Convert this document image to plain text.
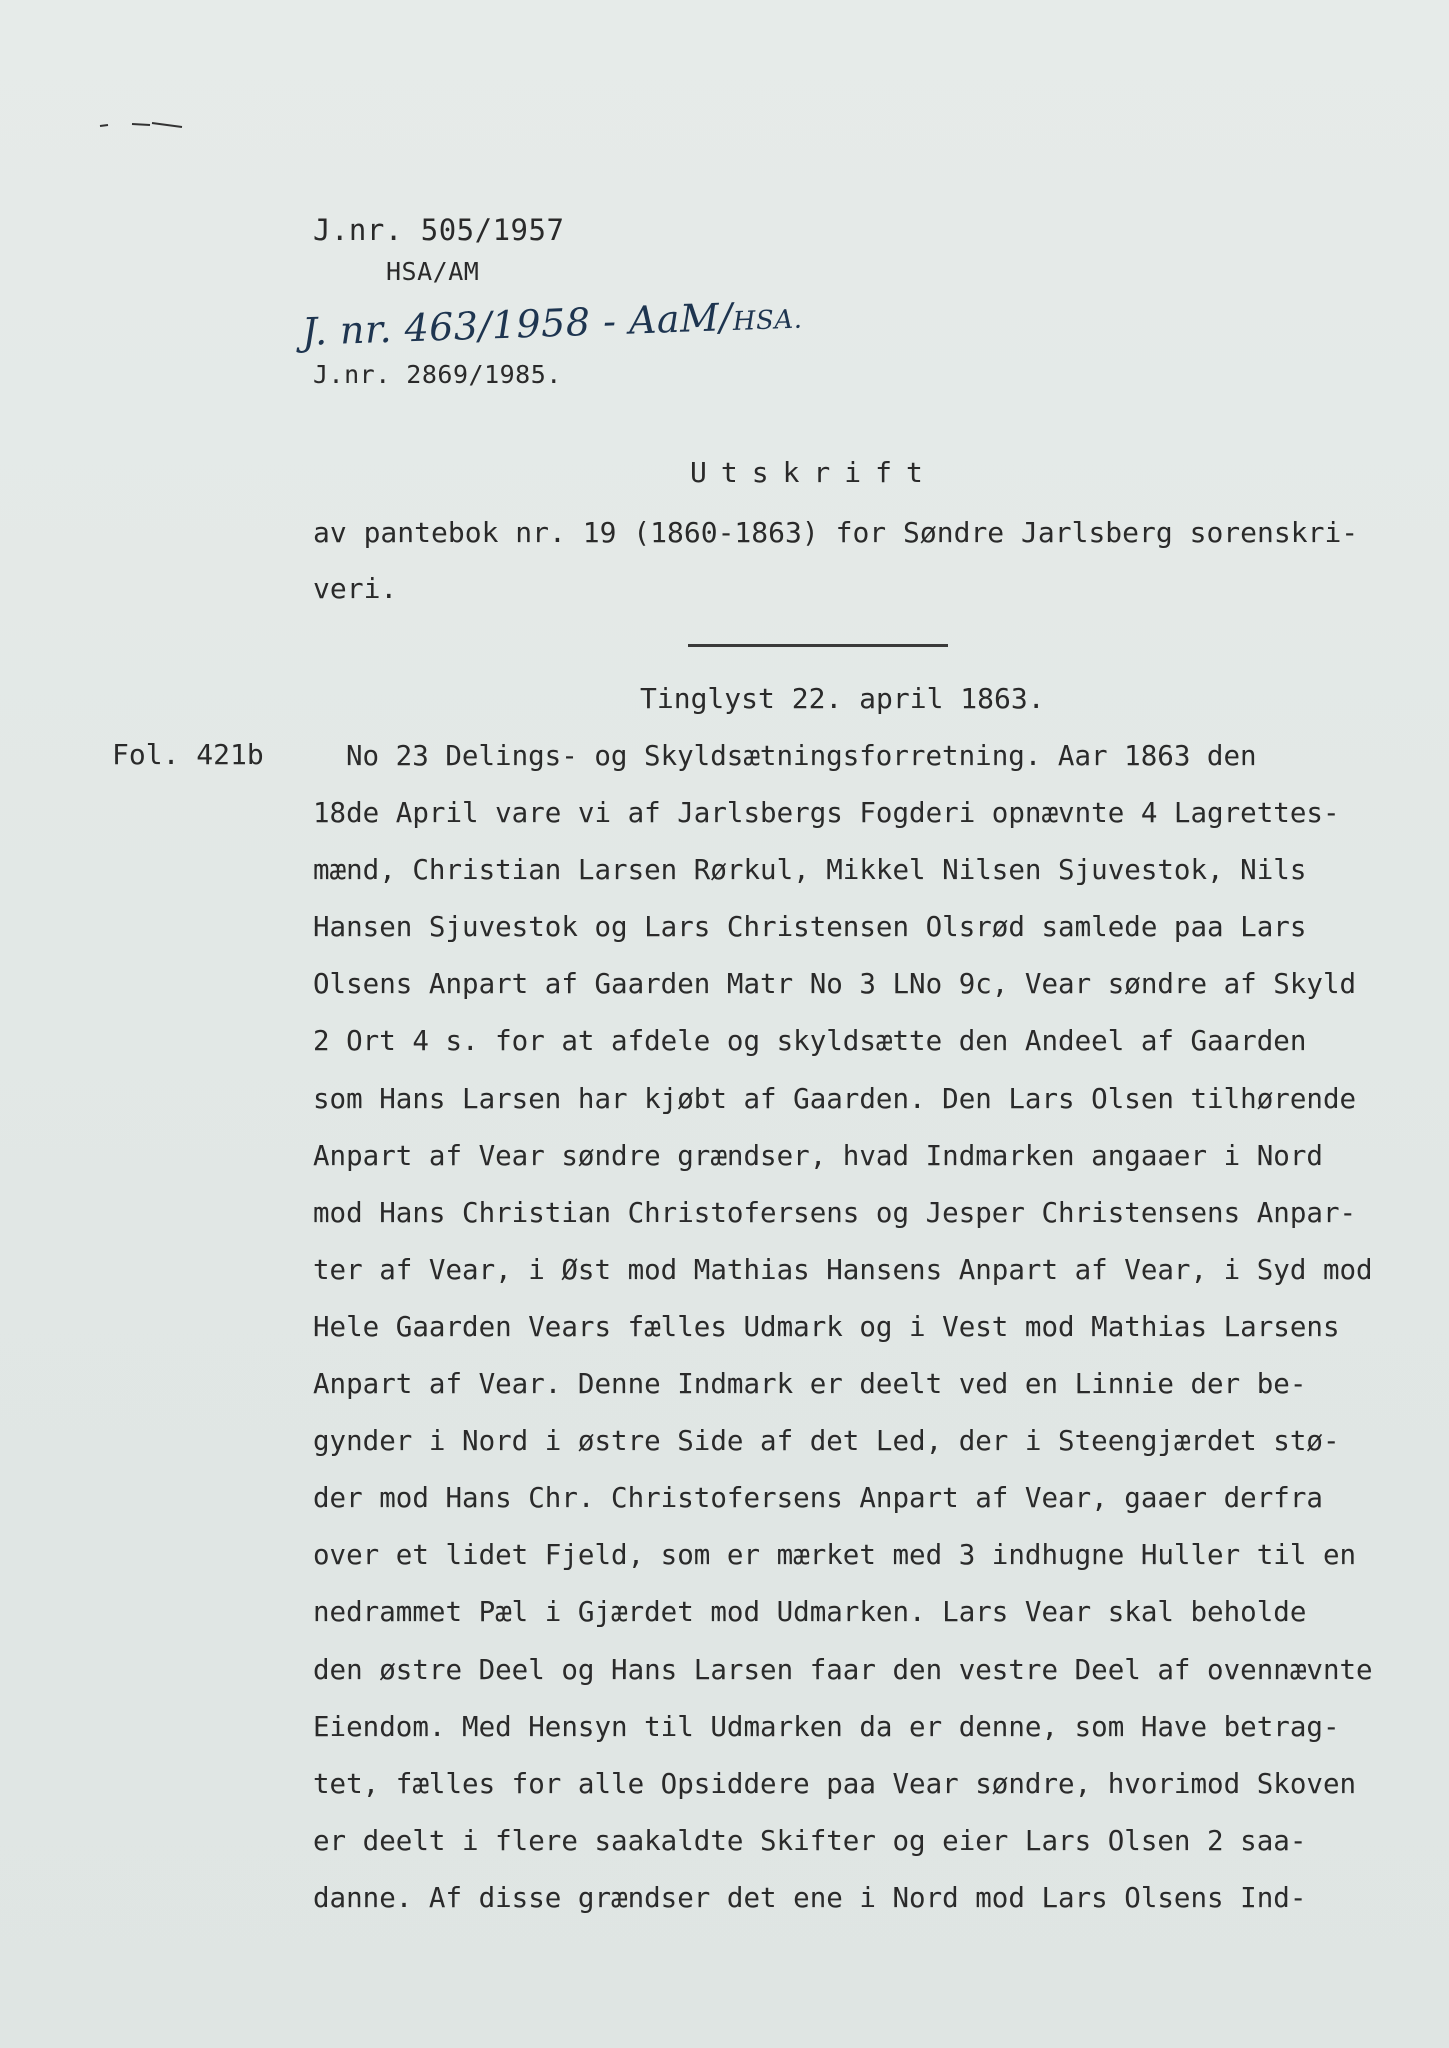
J.nr. 505/1957
HSA/AM
J. nr. 463/1958 - AaM/HSA.
J.nr. 2869/1985.
Utskrift
av pantebok nr. 19 (1860-1863) for Søndre Jarlsberg sorenskri-
veri.
Tinglyst 22. april 1863.
Fol. 421b	No 23 Delings- og Skyldsætningsforretning. Aar 1863 den
18de April vare vi af Jarlsbergs Fogderi opnævnte 4 Lagrettes-
mænd, Christian Larsen Rørkul, Mikkel Nilsen Sjuvestok, Nils
Hansen Sjuvestok og Lars Christensen Olsrød samlede paa Lars
Olsens Anpart af Gaarden Matr No 3 LNo 9c, Vear søndre af Skyld
2 Ort 4 s. for at afdele og skyldsætte den Andeel af Gaarden
som Hans Larsen har kjøbt af Gaarden. Den Lars Olsen tilhørende
Anpart af Vear søndre grændser, hvad Indmarken angaaer i Nord
mod Hans Christian Christofersens og Jesper Christensens Anpar-
ter af Vear, i Øst mod Mathias Hansens Anpart af Vear, i Syd mod
Hele Gaarden Vears fælles Udmark og i Vest mod Mathias Larsens
Anpart af Vear. Denne Indmark er deelt ved en Linnie der be-
gynder i Nord i østre Side af det Led, der i Steengjærdet stø-
der mod Hans Chr. Christofersens Anpart af Vear, gaaer derfra
over et lidet Fjeld, som er mærket med 3 indhugne Huller til en
nedrammet Pæl i Gjærdet mod Udmarken. Lars Vear skal beholde
den østre Deel og Hans Larsen faar den vestre Deel af ovennævnte
Eiendom. Med Hensyn til Udmarken da er denne, som Have betrag-
tet, fælles for alle Opsiddere paa Vear søndre, hvorimod Skoven
er deelt i flere saakaldte Skifter og eier Lars Olsen 2 saa-
danne. Af disse grændser det ene i Nord mod Lars Olsens Ind-
